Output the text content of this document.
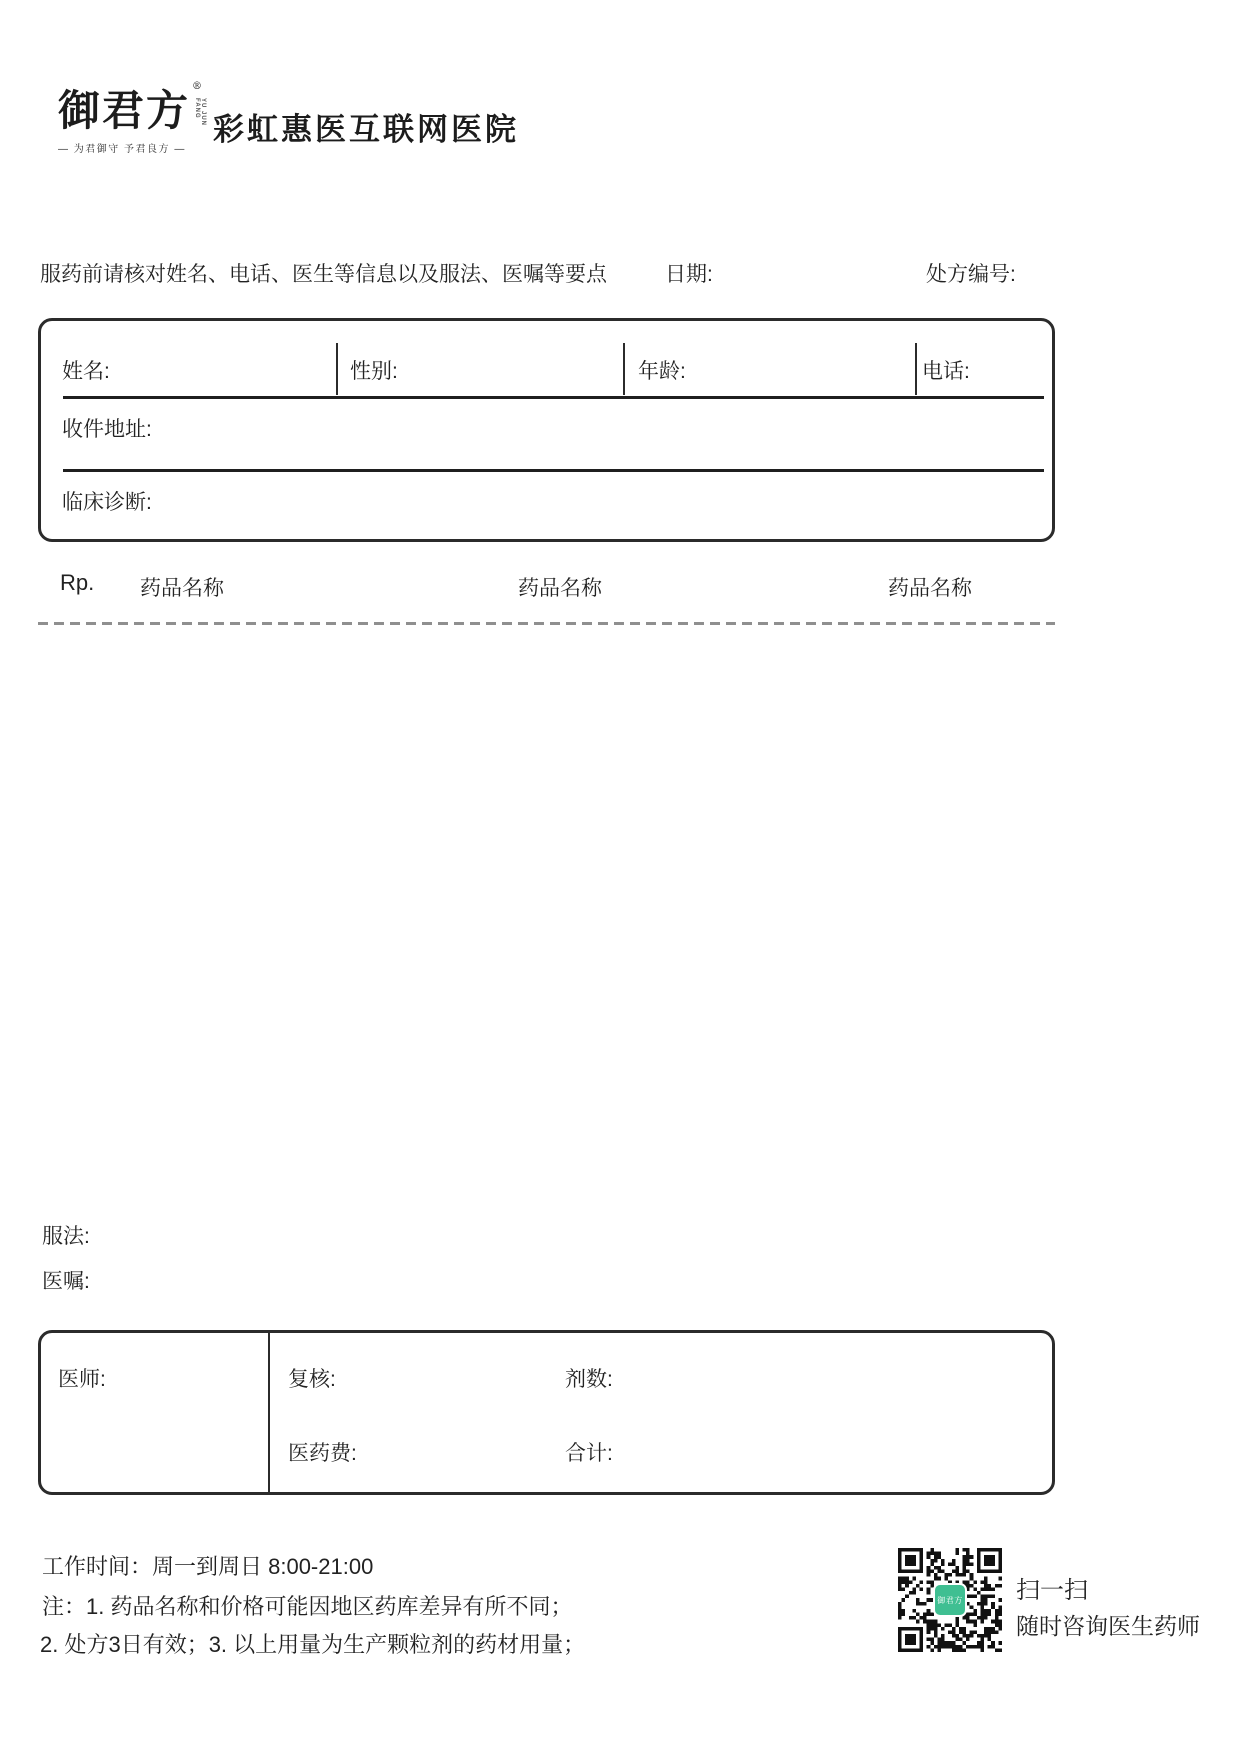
御君方 ®
YU JUN FANG
— 为君御守 予君良方 —
彩虹惠医互联网医院
服药前请核对姓名、电话、医生等信息以及服法、医嘱等要点	日期:	处方编号:
姓名:	性别:	年龄:	电话:
收件地址:
临床诊断:
Rp. 药品名称	药品名称	药品名称
服法:
医嘱:
医师:	复核:	剂数:
医药费:	合计:
工作时间：周一到周日 8:00-21:00
注：1. 药品名称和价格可能因地区药库差异有所不同；
2. 处方3日有效；3. 以上用量为生产颗粒剂的药材用量；
御君方 扫一扫
随时咨询医生药师
